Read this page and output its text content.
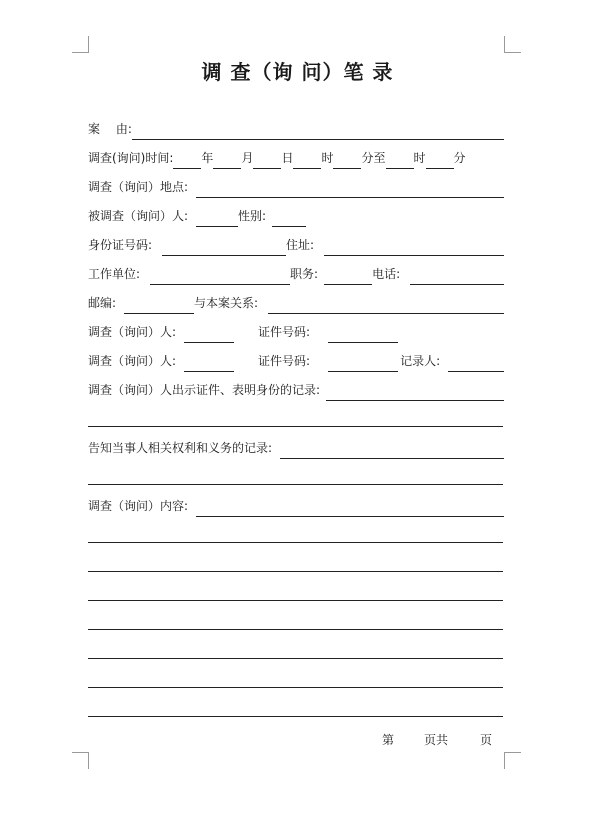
调 查（询 问）笔 录
案　 由:
调查(询问)时间: 年 月 日 时 分至 时 分
调查（询问）地点:
被调查（询问）人:	性别:
身份证号码:	住址:
工作单位:	职务:	电话:
邮编:	与本案关系:
调查（询问）人:	证件号码:
调查（询问）人:	证件号码:	记录人:
调查（询问）人出示证件、表明身份的记录:
告知当事人相关权利和义务的记录:
调查（询问）内容:
第 页共	页
